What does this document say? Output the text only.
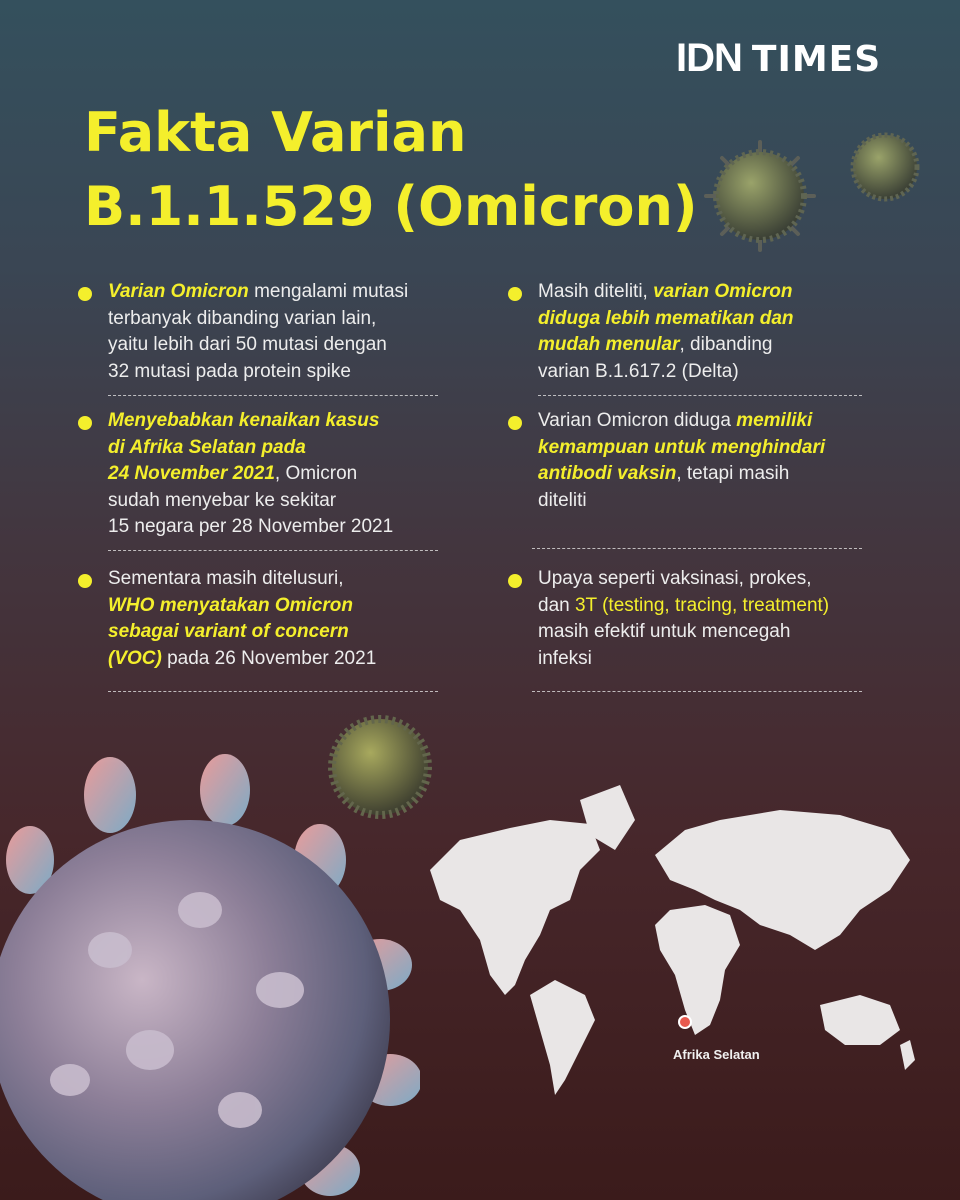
IDN TIMES
Fakta Varian
B.1.1.529 (Omicron)
Varian Omicron mengalami mutasi
terbanyak dibanding varian lain,
yaitu lebih dari 50 mutasi dengan
32 mutasi pada protein spike
Menyebabkan kenaikan kasus
di Afrika Selatan pada
24 November 2021, Omicron
sudah menyebar ke sekitar
15 negara per 28 November 2021
Sementara masih ditelusuri,
WHO menyatakan Omicron
sebagai variant of concern
(VOC) pada 26 November 2021
Masih diteliti, varian Omicron
diduga lebih mematikan dan
mudah menular, dibanding
varian B.1.617.2 (Delta)
Varian Omicron diduga memiliki
kemampuan untuk menghindari
antibodi vaksin, tetapi masih
diteliti
Upaya seperti vaksinasi, prokes,
dan 3T (testing, tracing, treatment)
masih efektif untuk mencegah
infeksi
Afrika Selatan
